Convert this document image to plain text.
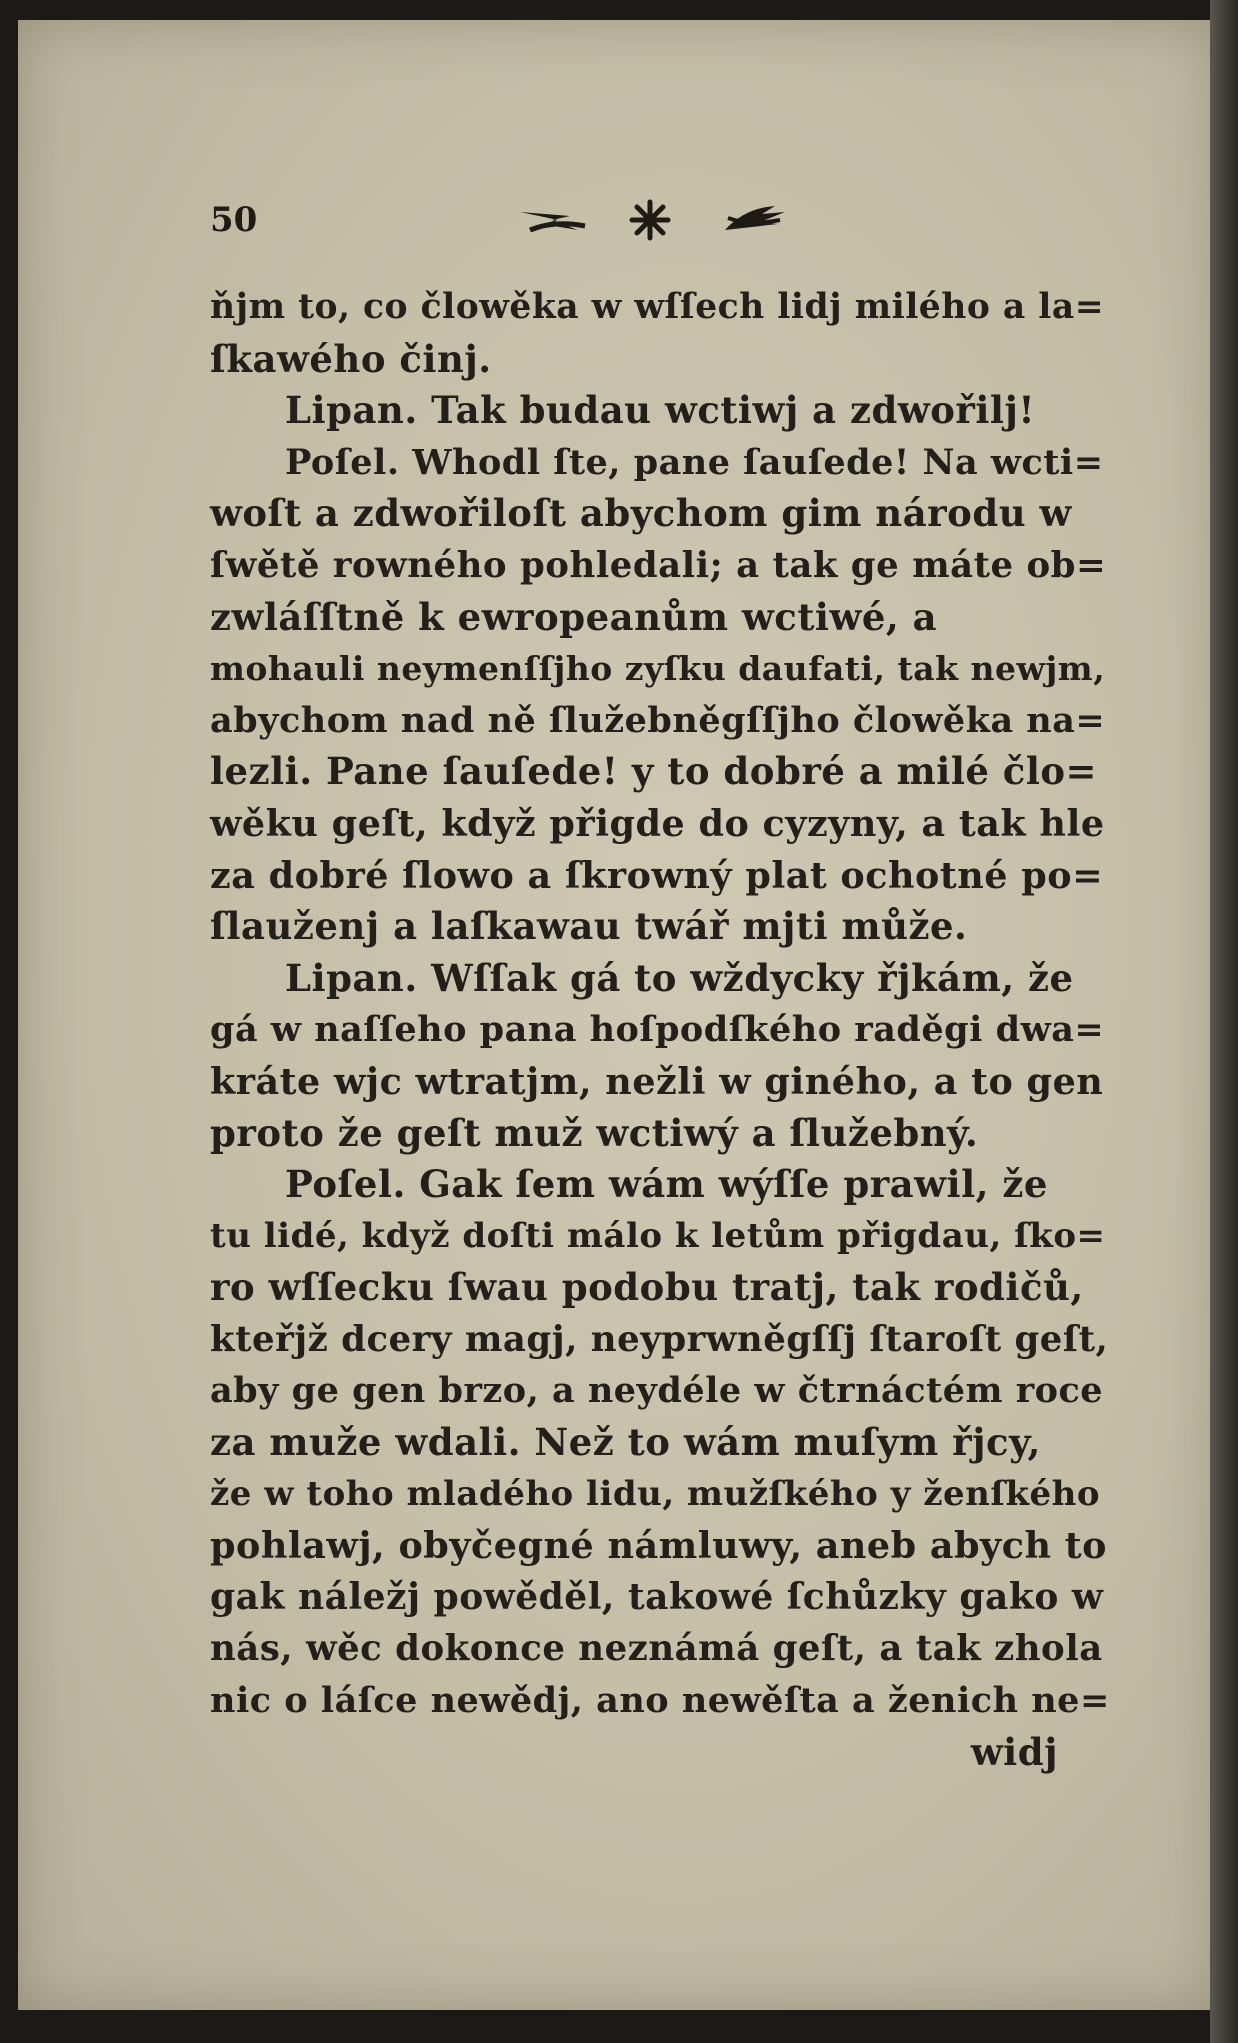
50
ňjm to, co člowěka w wſſech lidj milého a la=
ſkawého činj.
Lipan. Tak budau wctiwj a zdwořilj!
Poſel. Whodl ſte, pane ſauſede! Na wcti=
woſt a zdwořiloſt abychom gim národu w
ſwětě rowného pohledali; a tak ge máte ob=
zwláſſtně k ewropeanům wctiwé, a
mohauli neymenſſjho zyſku daufati, tak newjm,
abychom nad ně ſlužebněgſſjho člowěka na=
lezli. Pane ſauſede! y to dobré a milé člo=
wěku geſt, když přigde do cyzyny, a tak hle
za dobré ſlowo a ſkrowný plat ochotné po=
ſlauženj a laſkawau twář mjti může.
Lipan. Wſſak gá to wždycky řjkám, že
gá w naſſeho pana hoſpodſkého raděgi dwa=
kráte wjc wtratjm, nežli w giného, a to gen
proto že geſt muž wctiwý a ſlužebný.
Poſel. Gak ſem wám wýſſe prawil, že
tu lidé, když doſti málo k letům přigdau, ſko=
ro wſſecku ſwau podobu tratj, tak rodičů,
kteřjž dcery magj, neyprwněgſſj ſtaroſt geſt,
aby ge gen brzo, a neydéle w čtrnáctém roce
za muže wdali. Než to wám muſym řjcy,
že w toho mladého lidu, mužſkého y ženſkého
pohlawj, obyčegné námluwy, aneb abych to
gak náležj powěděl, takowé ſchůzky gako w
nás, wěc dokonce neznámá geſt, a tak zhola
nic o láſce newědj, ano newěſta a ženich ne=
widj
